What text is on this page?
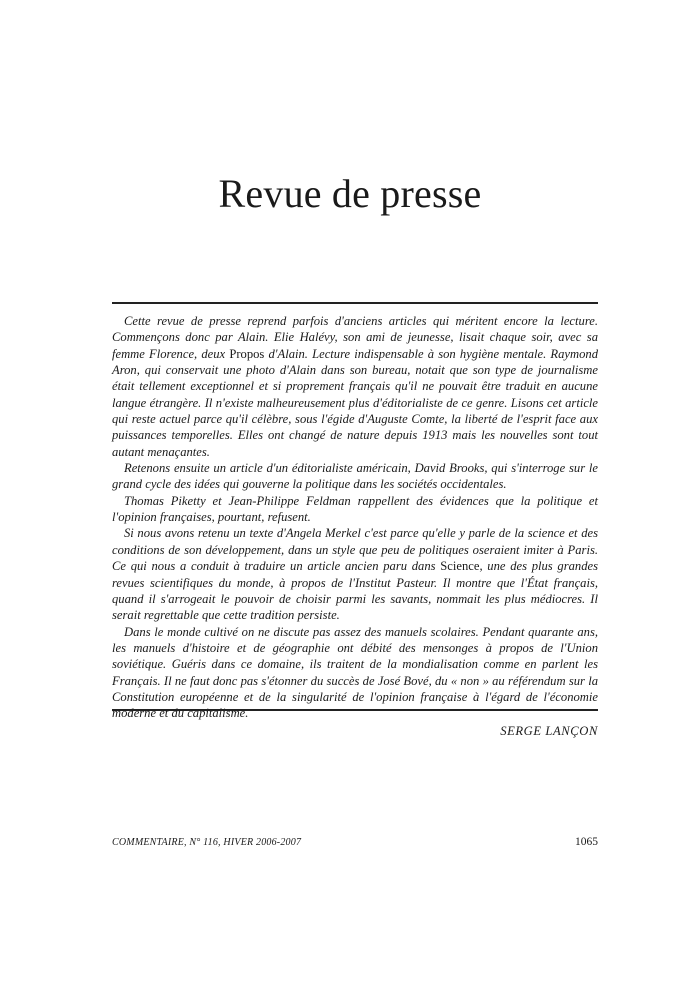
Revue de presse

Cette revue de presse reprend parfois d'anciens articles qui méritent encore la lecture. Commençons donc par Alain. Elie Halévy, son ami de jeunesse, lisait chaque soir, avec sa femme Florence, deux Propos d'Alain. Lecture indispensable à son hygiène mentale. Raymond Aron, qui conservait une photo d'Alain dans son bureau, notait que son type de journalisme était tellement exceptionnel et si proprement français qu'il ne pouvait être traduit en aucune langue étrangère. Il n'existe malheureusement plus d'éditorialiste de ce genre. Lisons cet article qui reste actuel parce qu'il célèbre, sous l'égide d'Auguste Comte, la liberté de l'esprit face aux puissances temporelles. Elles ont changé de nature depuis 1913 mais les nouvelles sont tout autant menaçantes.

Retenons ensuite un article d'un éditorialiste américain, David Brooks, qui s'interroge sur le grand cycle des idées qui gouverne la politique dans les sociétés occidentales.

Thomas Piketty et Jean-Philippe Feldman rappellent des évidences que la politique et l'opinion françaises, pourtant, refusent.

Si nous avons retenu un texte d'Angela Merkel c'est parce qu'elle y parle de la science et des conditions de son développement, dans un style que peu de politiques oseraient imiter à Paris. Ce qui nous a conduit à traduire un article ancien paru dans Science, une des plus grandes revues scientifiques du monde, à propos de l'Institut Pasteur. Il montre que l'État français, quand il s'arrogeait le pouvoir de choisir parmi les savants, nommait les plus médiocres. Il serait regrettable que cette tradition persiste.

Dans le monde cultivé on ne discute pas assez des manuels scolaires. Pendant quarante ans, les manuels d'histoire et de géographie ont débité des mensonges à propos de l'Union soviétique. Guéris dans ce domaine, ils traitent de la mondialisation comme en parlent les Français. Il ne faut donc pas s'étonner du succès de José Bové, du « non » au référendum sur la Constitution européenne et de la singularité de l'opinion française à l'égard de l'économie moderne et du capitalisme.

SERGE LANÇON
COMMENTAIRE, N° 116, HIVER 2006-2007	1065
